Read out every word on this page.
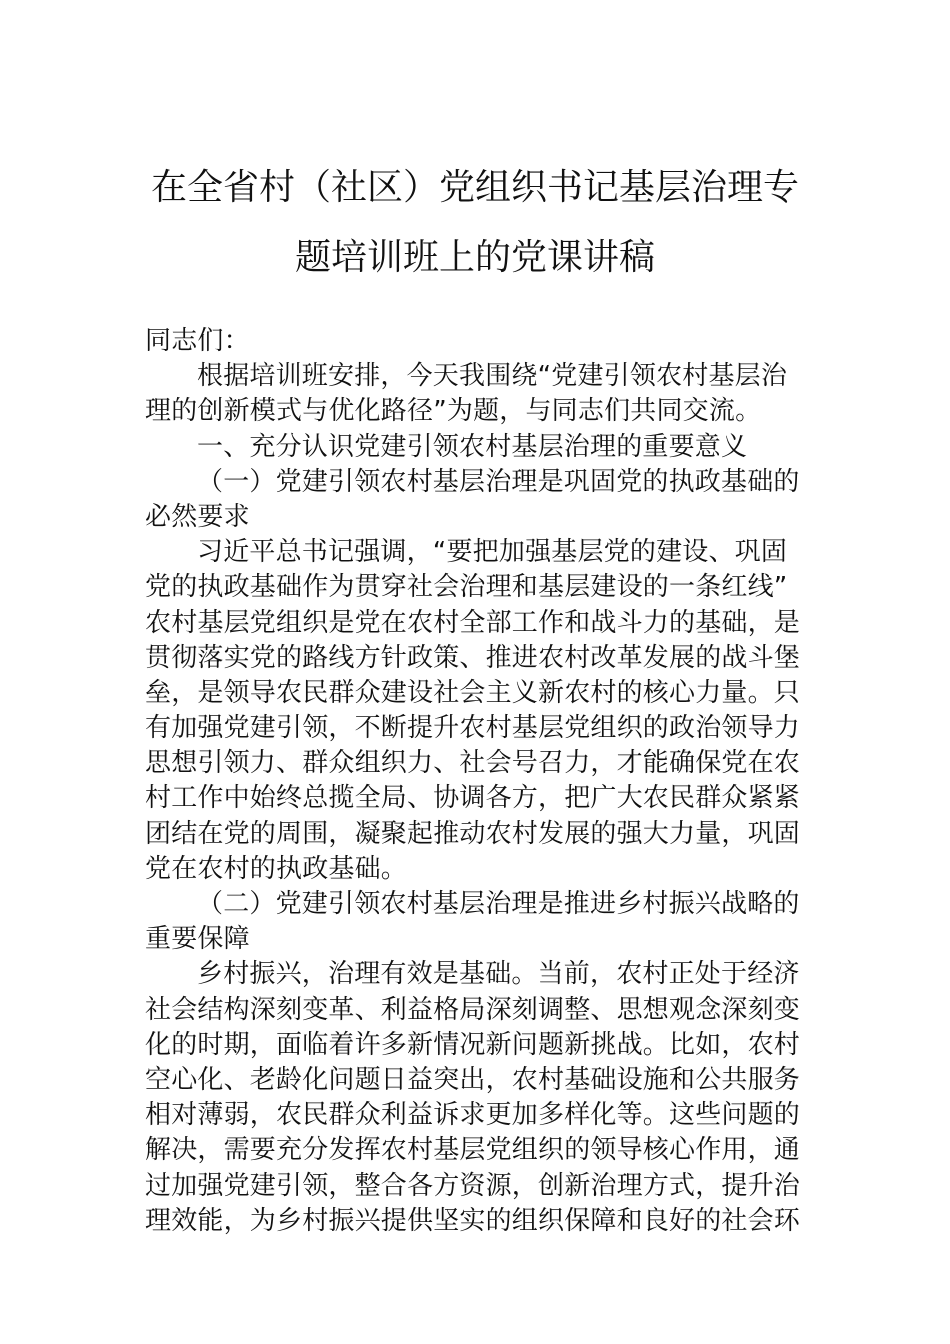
在全省村（社区）党组织书记基层治理专
题培训班上的党课讲稿
同志们：
根据培训班安排，今天我围绕“党建引领农村基层治
理的创新模式与优化路径”为题，与同志们共同交流。
一、充分认识党建引领农村基层治理的重要意义
（一）党建引领农村基层治理是巩固党的执政基础的
必然要求
习近平总书记强调，“要把加强基层党的建设、巩固
党的执政基础作为贯穿社会治理和基层建设的一条红线”
农村基层党组织是党在农村全部工作和战斗力的基础，是
贯彻落实党的路线方针政策、推进农村改革发展的战斗堡
垒，是领导农民群众建设社会主义新农村的核心力量。只
有加强党建引领，不断提升农村基层党组织的政治领导力
思想引领力、群众组织力、社会号召力，才能确保党在农
村工作中始终总揽全局、协调各方，把广大农民群众紧紧
团结在党的周围，凝聚起推动农村发展的强大力量，巩固
党在农村的执政基础。
（二）党建引领农村基层治理是推进乡村振兴战略的
重要保障
乡村振兴，治理有效是基础。当前，农村正处于经济
社会结构深刻变革、利益格局深刻调整、思想观念深刻变
化的时期，面临着许多新情况新问题新挑战。比如，农村
空心化、老龄化问题日益突出，农村基础设施和公共服务
相对薄弱，农民群众利益诉求更加多样化等。这些问题的
解决，需要充分发挥农村基层党组织的领导核心作用，通
过加强党建引领，整合各方资源，创新治理方式，提升治
理效能，为乡村振兴提供坚实的组织保障和良好的社会环
